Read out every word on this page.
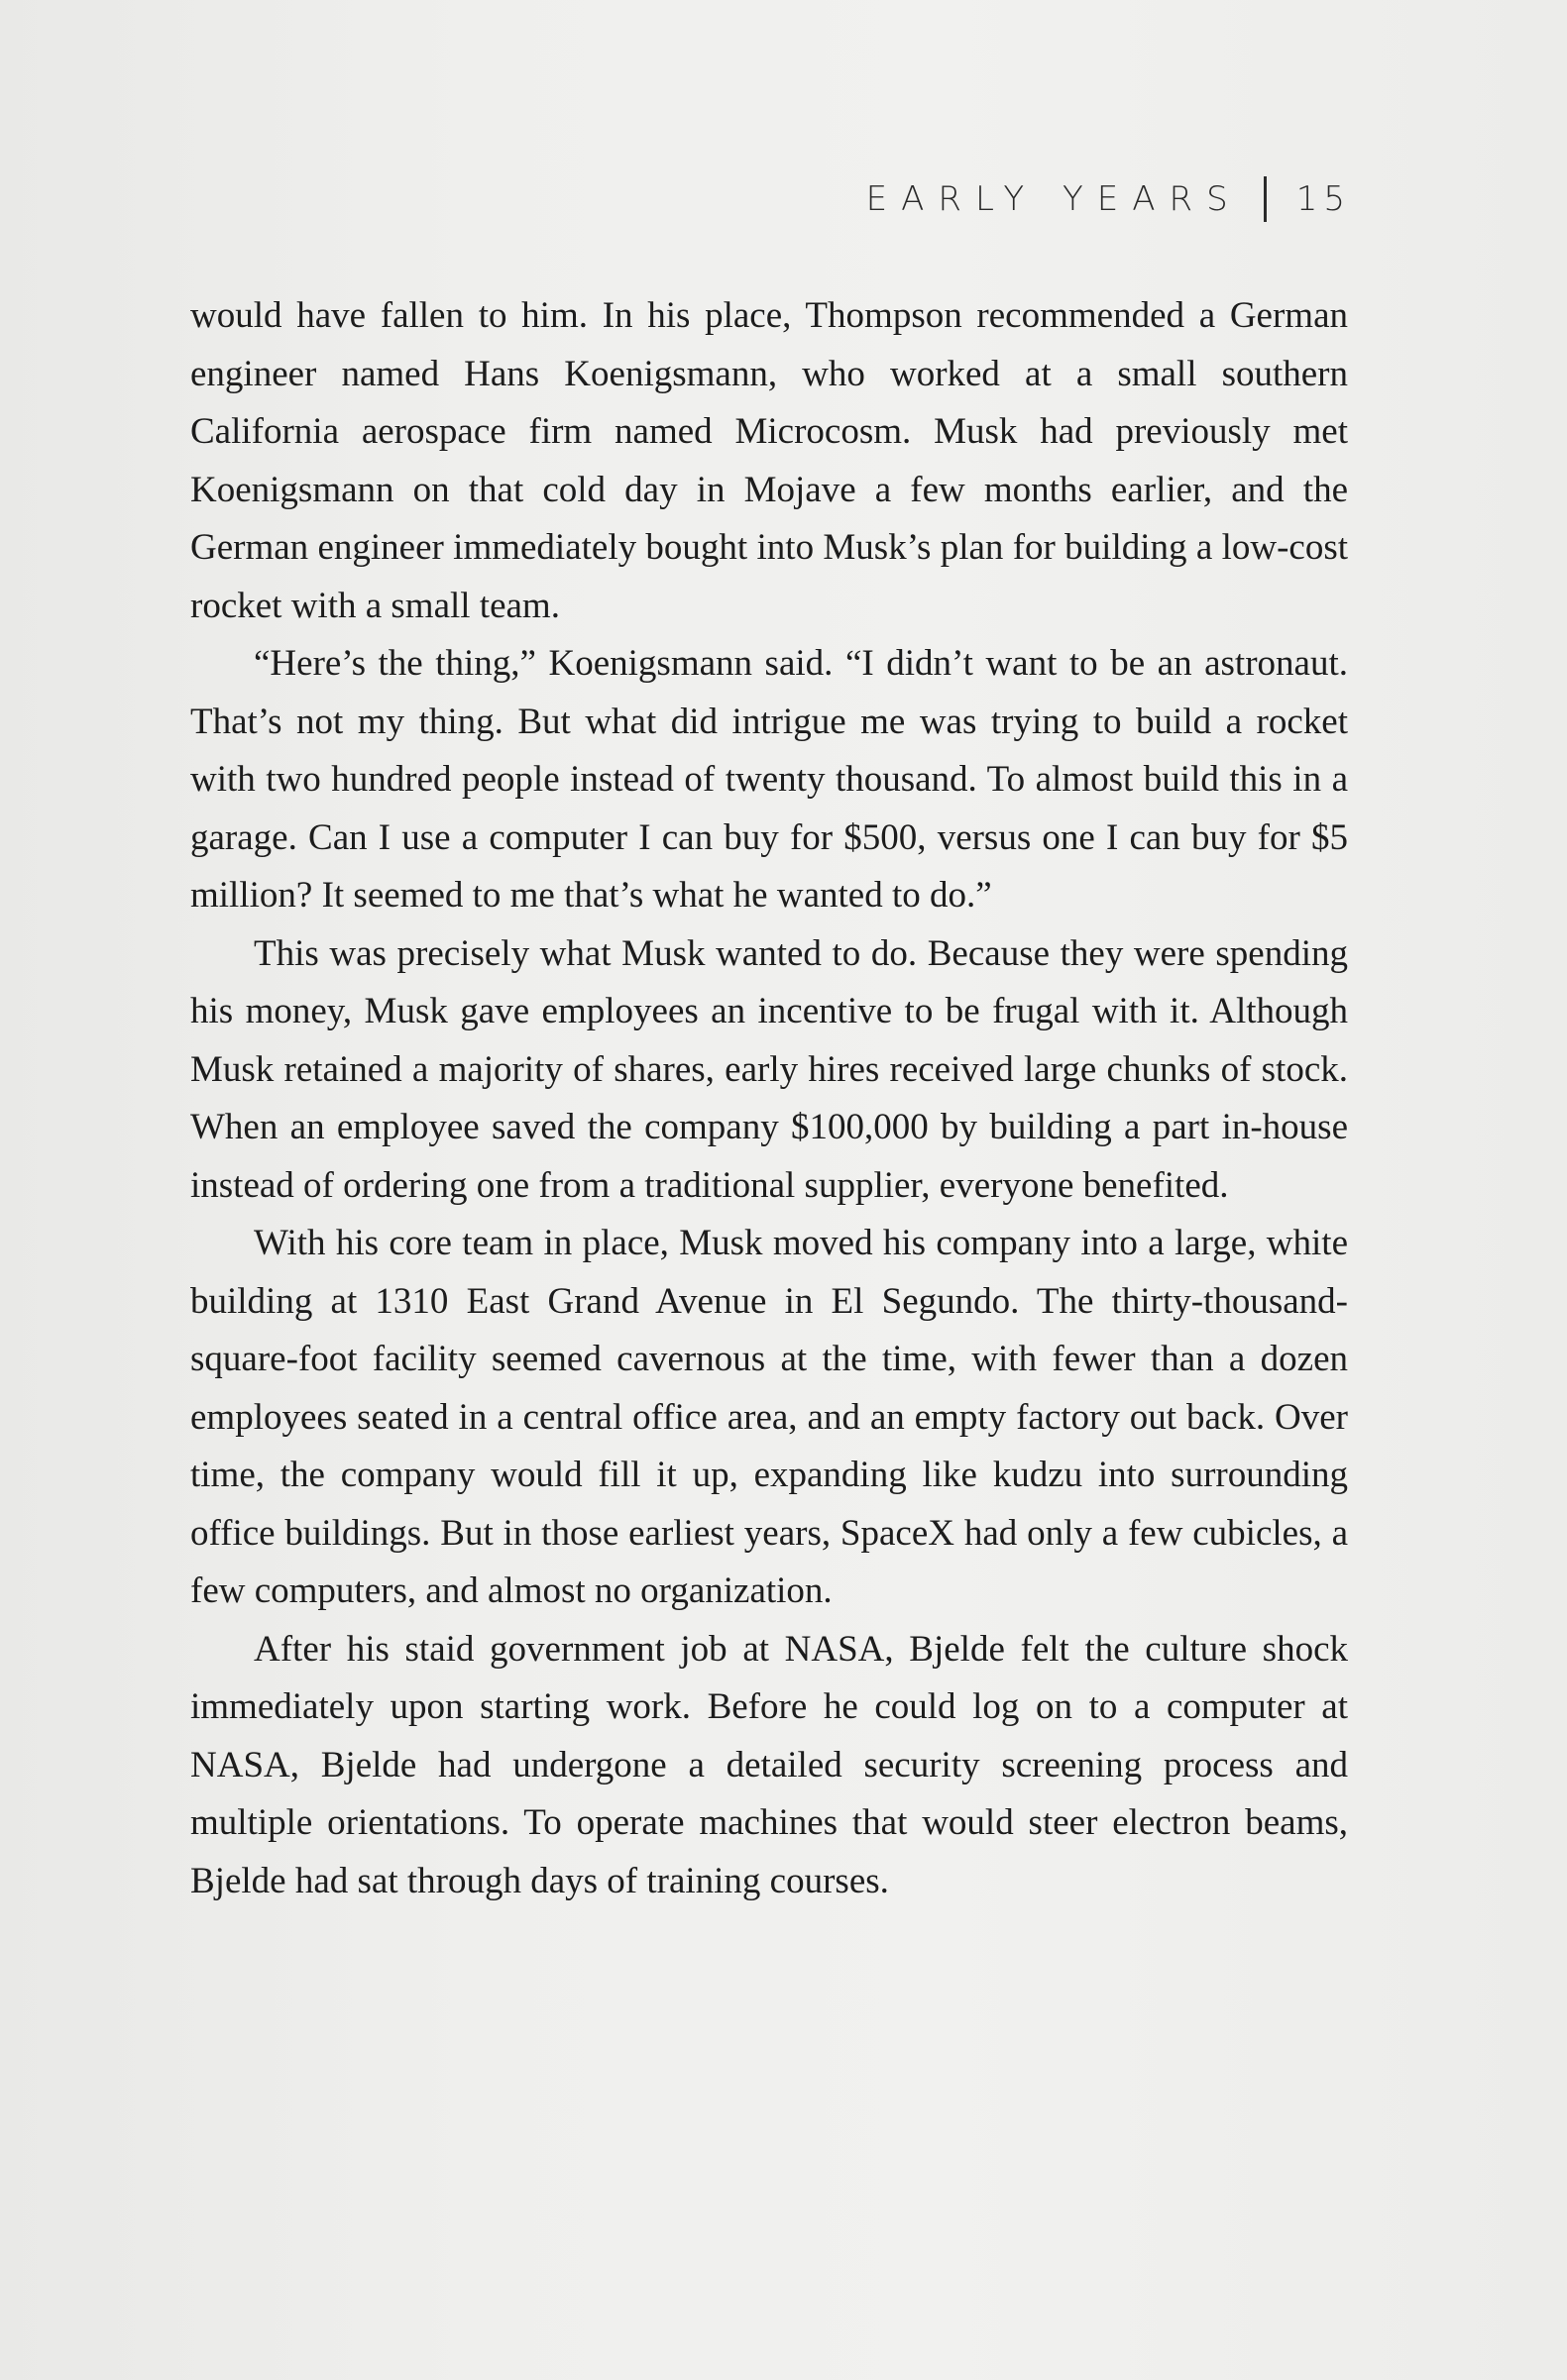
EARLY YEARS 15

would have fallen to him. In his place, Thompson recommended a German engineer named Hans Koenigsmann, who worked at a small southern California aerospace firm named Microcosm. Musk had previously met Koenigsmann on that cold day in Mojave a few months earlier, and the German engineer immediately bought into Musk’s plan for building a low-cost rocket with a small team.

“Here’s the thing,” Koenigsmann said. “I didn’t want to be an astronaut. That’s not my thing. But what did intrigue me was trying to build a rocket with two hundred people instead of twenty thousand. To almost build this in a garage. Can I use a computer I can buy for $500, versus one I can buy for $5 million? It seemed to me that’s what he wanted to do.”

This was precisely what Musk wanted to do. Because they were spending his money, Musk gave employees an incentive to be frugal with it. Although Musk retained a majority of shares, early hires received large chunks of stock. When an employee saved the company $100,000 by building a part in-house instead of ordering one from a traditional supplier, everyone benefited.

With his core team in place, Musk moved his company into a large, white building at 1310 East Grand Avenue in El Segundo. The thirty-thousand-square-foot facility seemed cavernous at the time, with fewer than a dozen employees seated in a central office area, and an empty factory out back. Over time, the company would fill it up, expanding like kudzu into surrounding office buildings. But in those earliest years, SpaceX had only a few cubicles, a few computers, and almost no organization.

After his staid government job at NASA, Bjelde felt the culture shock immediately upon starting work. Before he could log on to a computer at NASA, Bjelde had undergone a detailed security screening process and multiple orientations. To operate machines that would steer electron beams, Bjelde had sat through days of training courses.
